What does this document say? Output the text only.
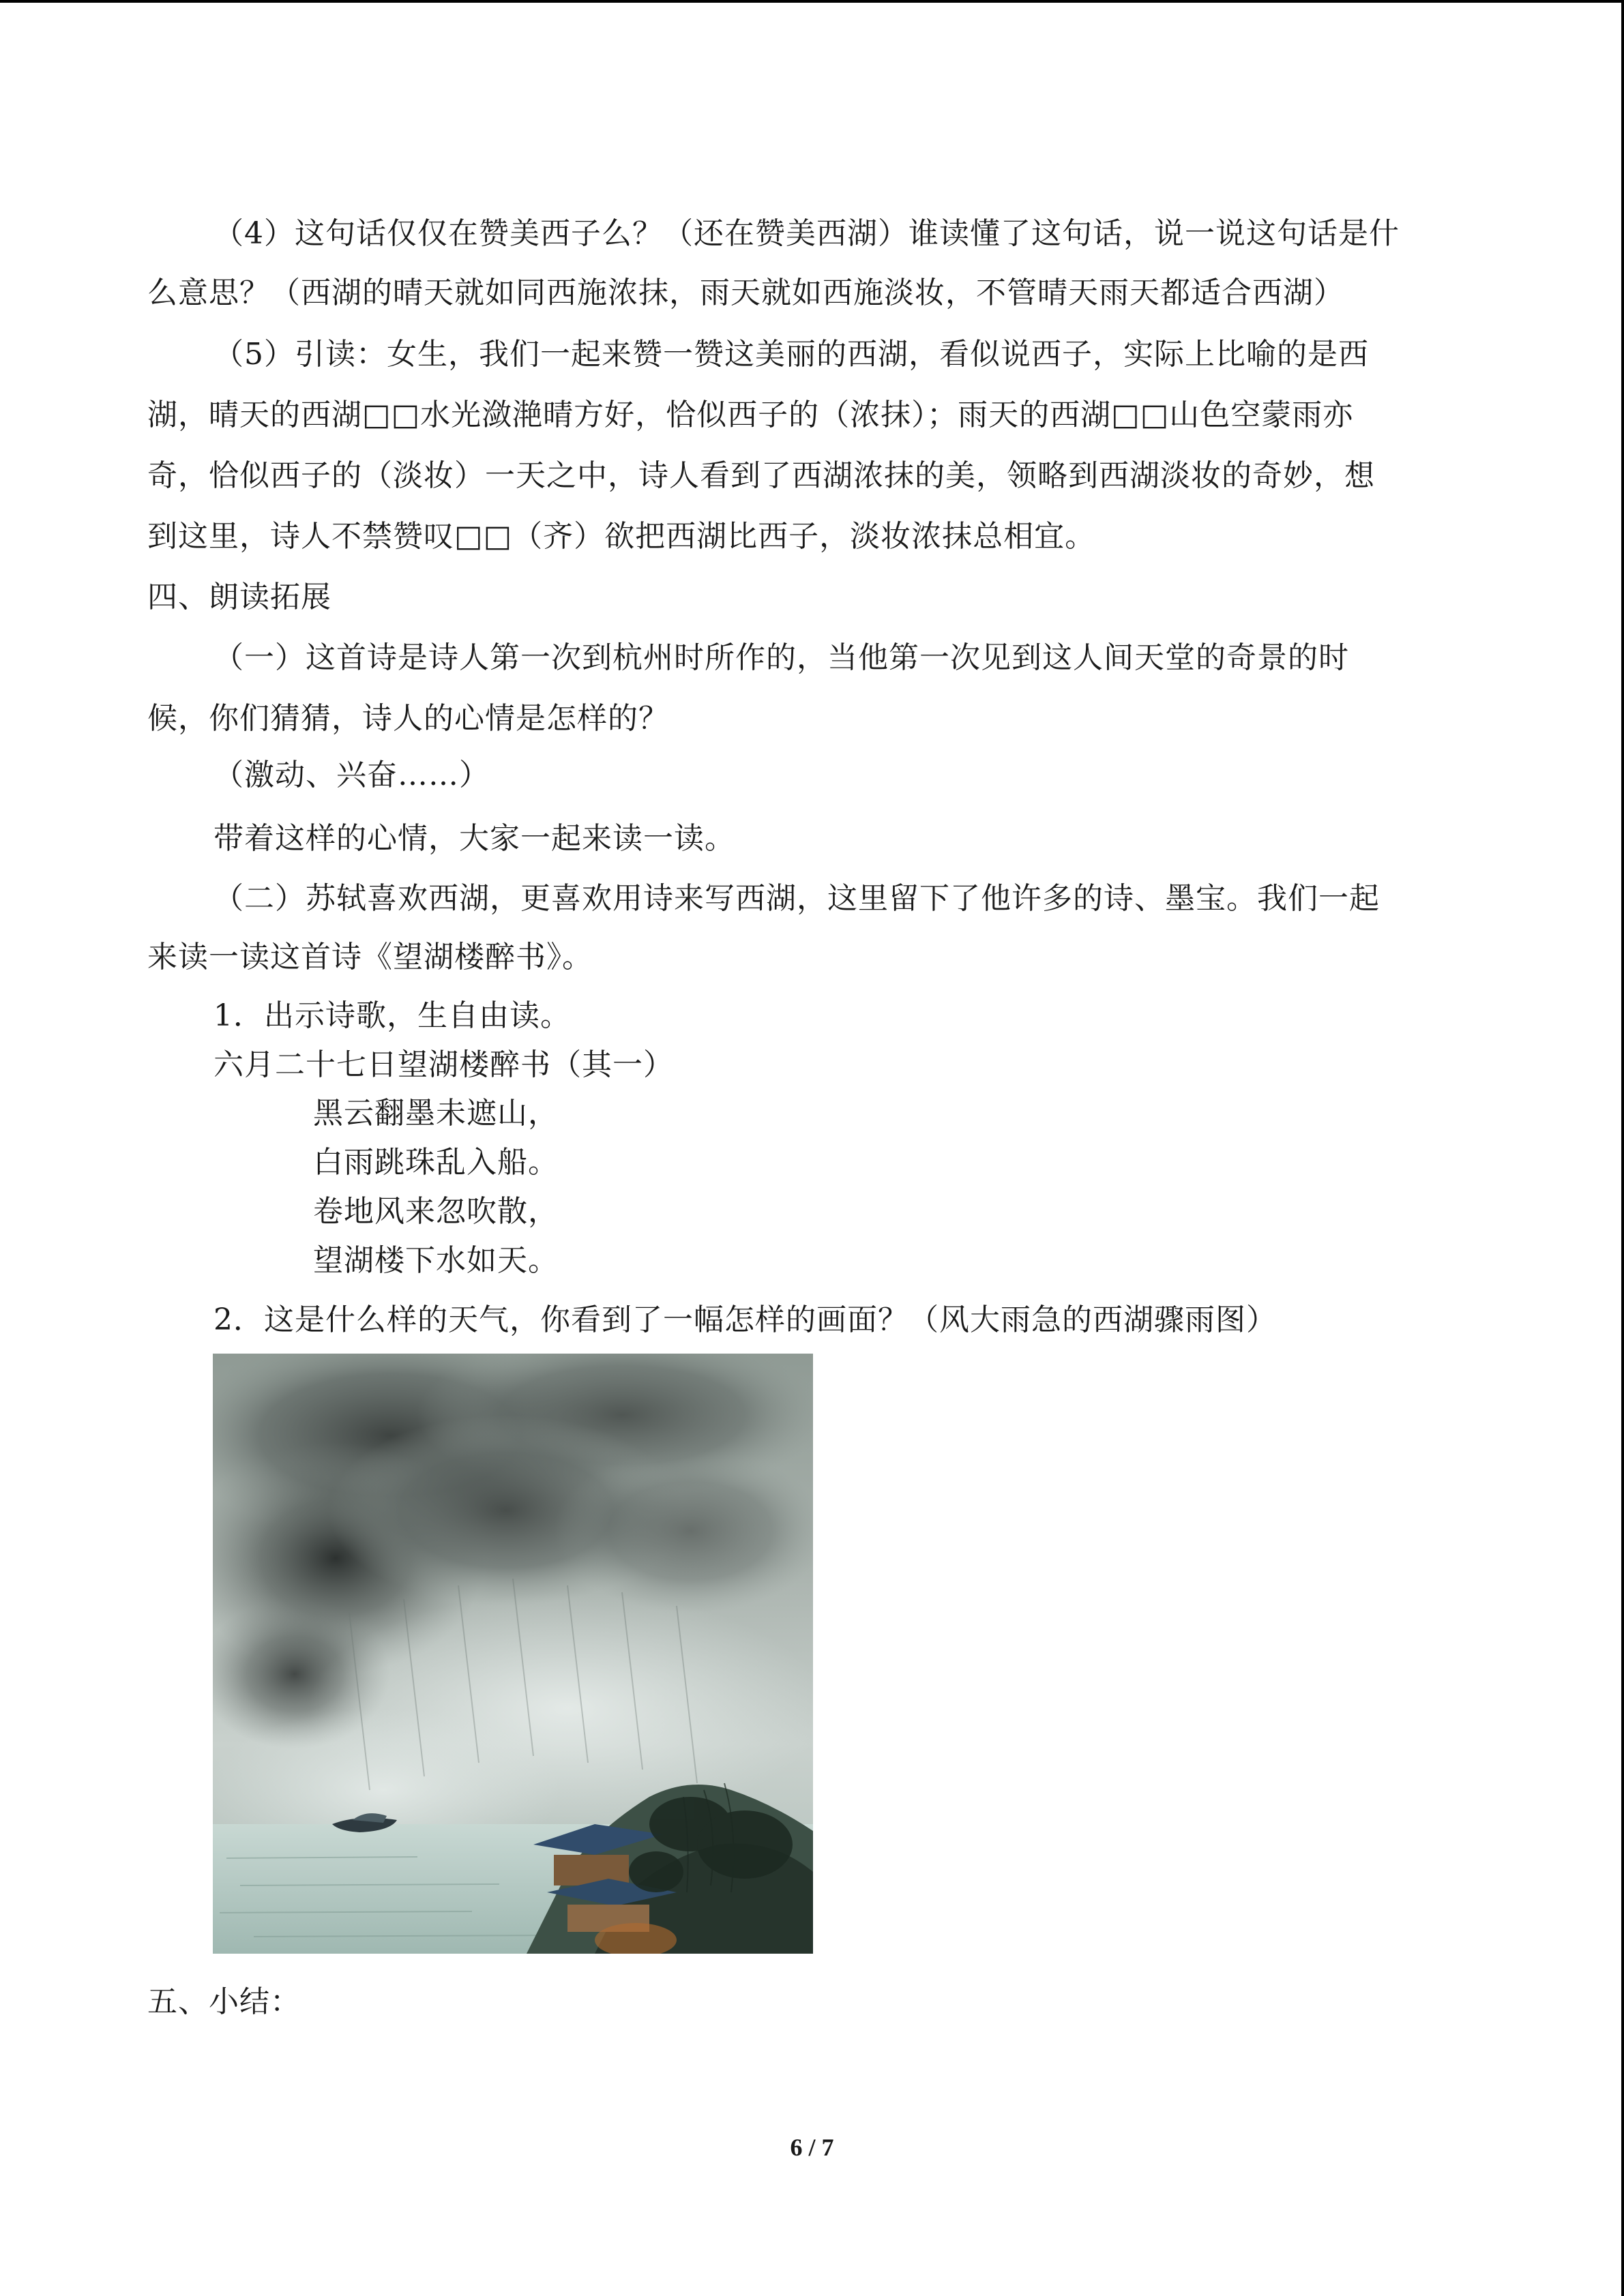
（4）这句话仅仅在赞美西子么？（还在赞美西湖）谁读懂了这句话，说一说这句话是什
么意思？（西湖的晴天就如同西施浓抹，雨天就如西施淡妆，不管晴天雨天都适合西湖）
（5）引读：女生，我们一起来赞一赞这美丽的西湖，看似说西子，实际上比喻的是西
湖，晴天的西湖□□水光潋滟晴方好，恰似西子的（浓抹）；雨天的西湖□□山色空蒙雨亦
奇，恰似西子的（淡妆）一天之中，诗人看到了西湖浓抹的美，领略到西湖淡妆的奇妙，想
到这里，诗人不禁赞叹□□（齐）欲把西湖比西子，淡妆浓抹总相宜。
四、朗读拓展
（一）这首诗是诗人第一次到杭州时所作的，当他第一次见到这人间天堂的奇景的时
候，你们猜猜，诗人的心情是怎样的？
（激动、兴奋……）
带着这样的心情，大家一起来读一读。
（二）苏轼喜欢西湖，更喜欢用诗来写西湖，这里留下了他许多的诗、墨宝。我们一起
来读一读这首诗《望湖楼醉书》。
1．出示诗歌，生自由读。
六月二十七日望湖楼醉书（其一）
黑云翻墨未遮山，
白雨跳珠乱入船。
卷地风来忽吹散，
望湖楼下水如天。
2．这是什么样的天气，你看到了一幅怎样的画面？（风大雨急的西湖骤雨图）
五、小结：
6 / 7
